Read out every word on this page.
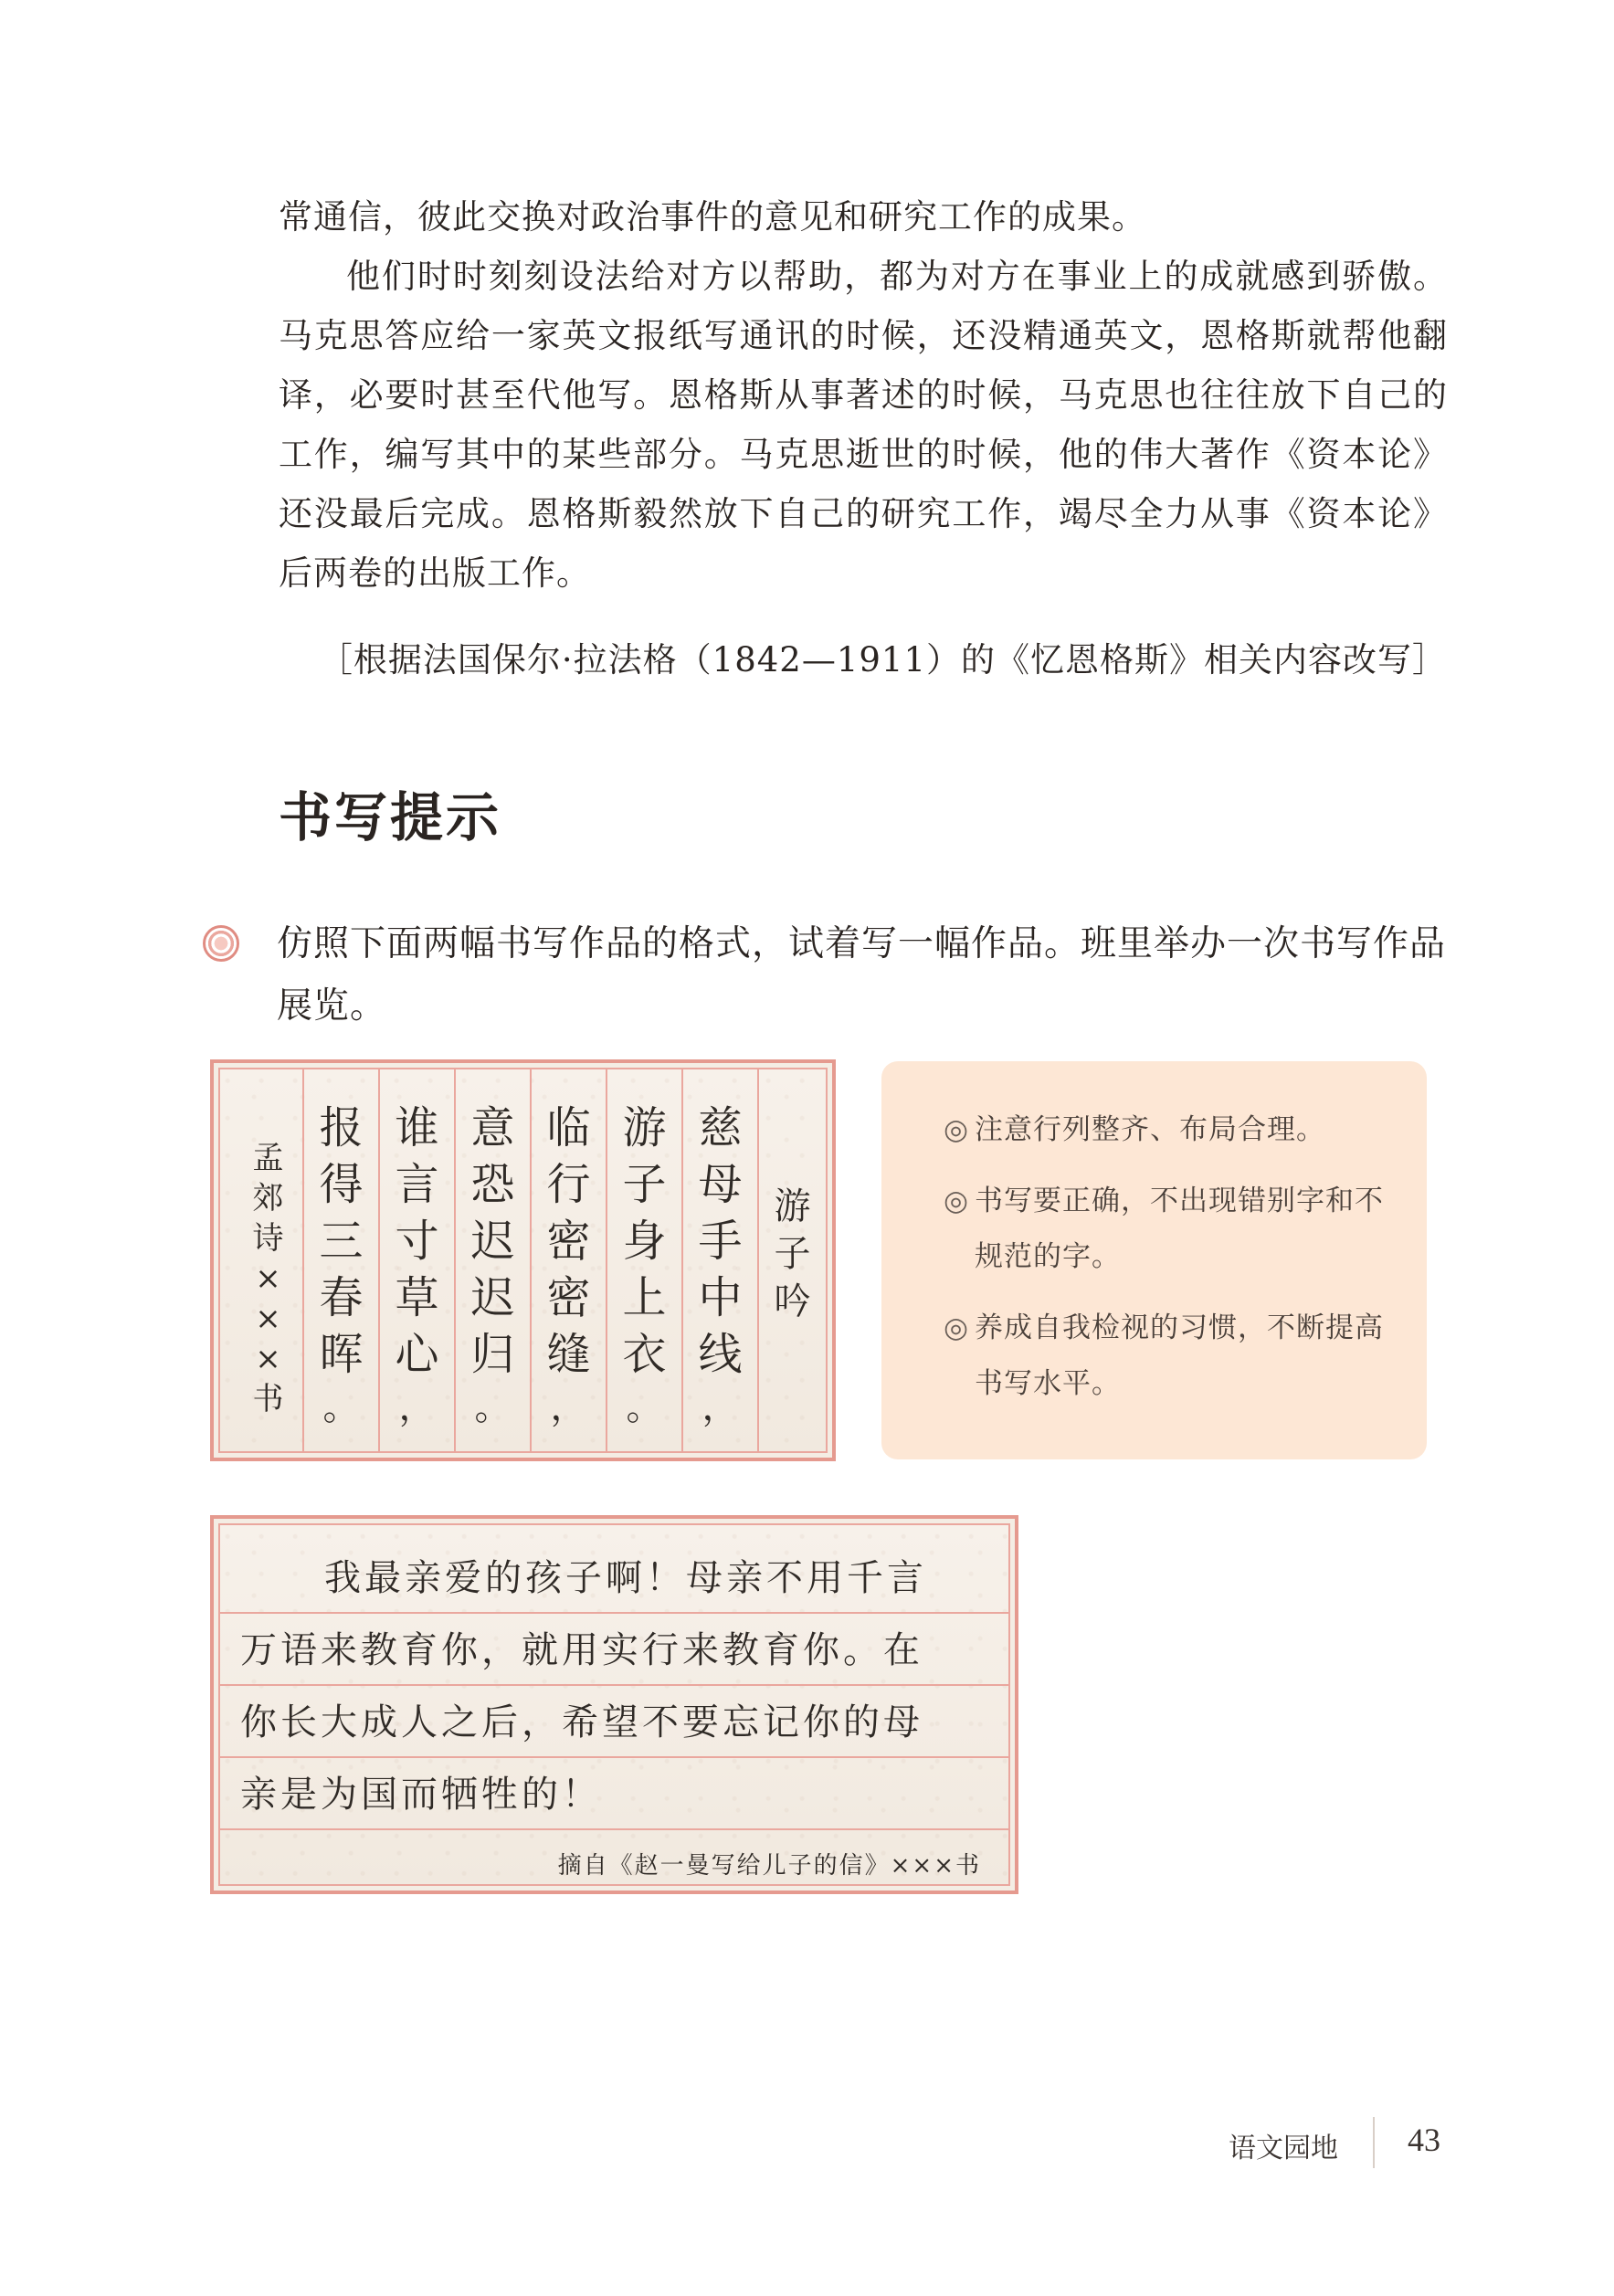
常通信，彼此交换对政治事件的意见和研究工作的成果。

他们时时刻刻设法给对方以帮助，都为对方在事业上的成就感到骄傲。马克思答应给一家英文报纸写通讯的时候，还没精通英文，恩格斯就帮他翻译，必要时甚至代他写。恩格斯从事著述的时候，马克思也往往放下自己的工作，编写其中的某些部分。马克思逝世的时候，他的伟大著作《资本论》还没最后完成。恩格斯毅然放下自己的研究工作，竭尽全力从事《资本论》后两卷的出版工作。

［根据法国保尔·拉法格（1842—1911）的《忆恩格斯》相关内容改写］
书写提示

仿照下面两幅书写作品的格式，试着写一幅作品。班里举办一次书写作品展览。

孟
郊
诗
×
×
×
书
报
得
三
春
晖
。
谁
言
寸
草
心
，
意
恐
迟
迟
归
。
临
行
密
密
缝
，
游
子
身
上
衣
。
慈
母
手
中
线
，
游
子
吟
◎ 注意行列整齐、布局合理。
◎ 书写要正确，不出现错别字和不规范的字。
◎ 养成自我检视的习惯，不断提高书写水平。
我最亲爱的孩子啊！母亲不用千言
万语来教育你，就用实行来教育你。在
你长大成人之后，希望不要忘记你的母
亲是为国而牺牲的！
摘自《赵一曼写给儿子的信》×××书
语文园地 43
